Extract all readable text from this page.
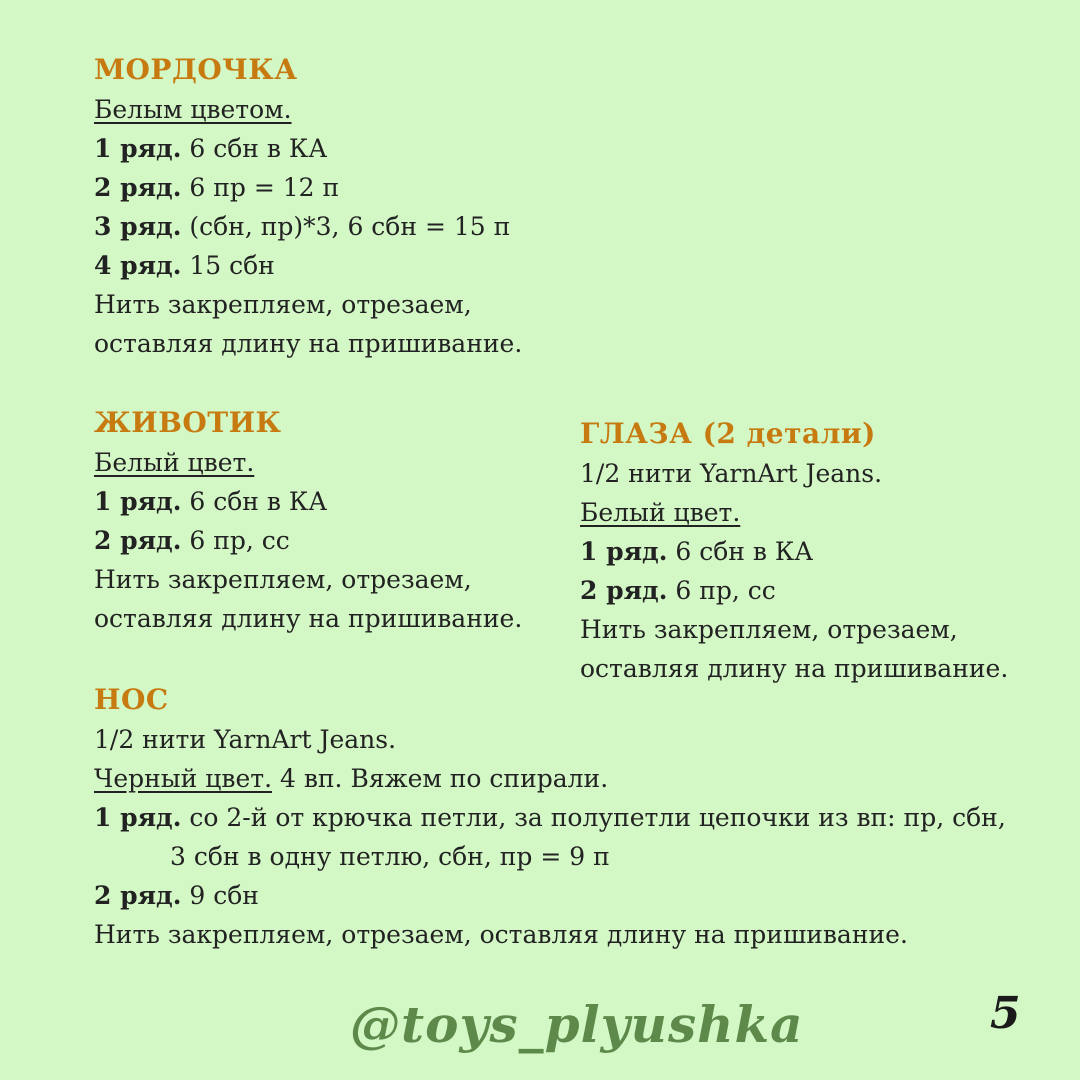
МОРДОЧКА
Белым цветом.
1 ряд. 6 сбн в КА
2 ряд. 6 пр = 12 п
3 ряд. (сбн, пр)*3, 6 сбн = 15 п
4 ряд. 15 сбн
Нить закрепляем, отрезаем,
оставляя длину на пришивание.
ЖИВОТИК
Белый цвет.
1 ряд. 6 сбн в КА
2 ряд. 6 пр, сс
Нить закрепляем, отрезаем,
оставляя длину на пришивание.
ГЛАЗА (2 детали)
1/2 нити YarnArt Jeans.
Белый цвет.
1 ряд. 6 сбн в КА
2 ряд. 6 пр, сс
Нить закрепляем, отрезаем,
оставляя длину на пришивание.
НОС
1/2 нити YarnArt Jeans.
Черный цвет. 4 вп. Вяжем по спирали.
1 ряд. со 2-й от крючка петли, за полупетли цепочки из вп: пр, сбн,
3 сбн в одну петлю, сбн, пр = 9 п
2 ряд. 9 сбн
Нить закрепляем, отрезаем, оставляя длину на пришивание.
@toys_plyushka	5
